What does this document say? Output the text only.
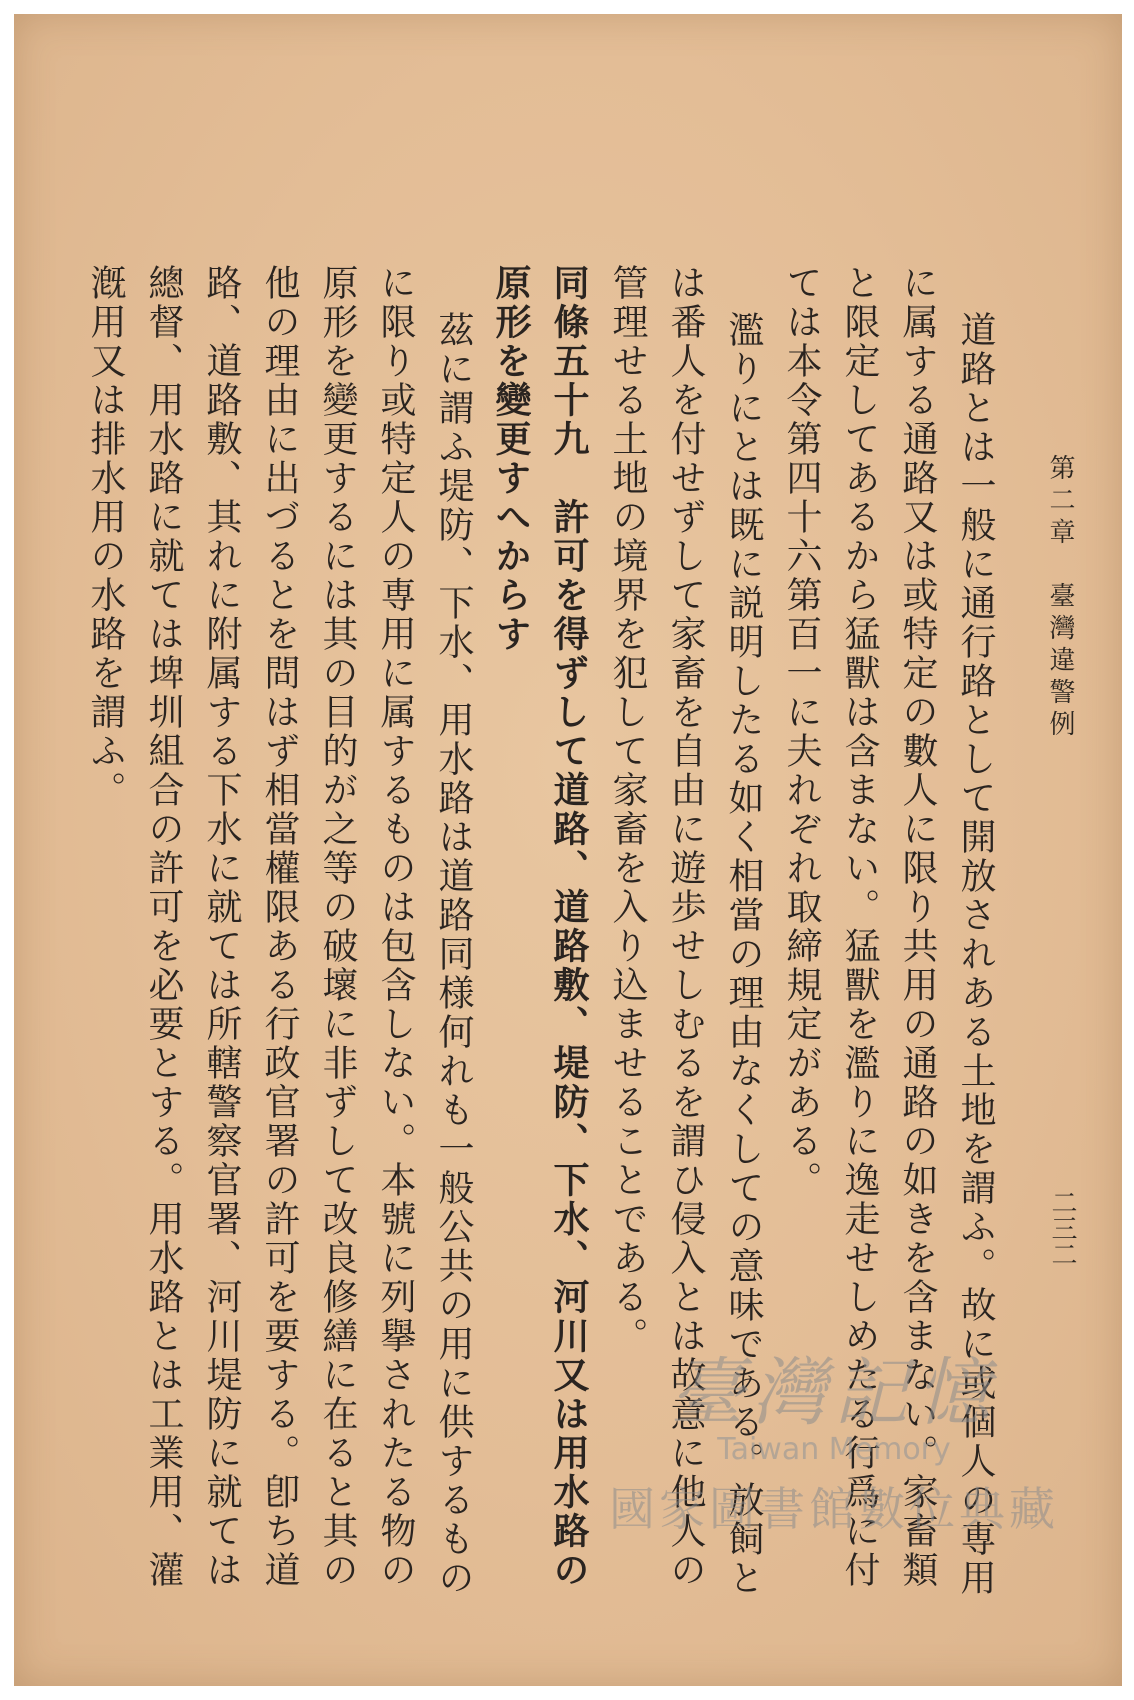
第二章　臺灣違警例
二三二

道路とは一般に通行路として開放されある土地を謂ふ。故に或個人の専用に属する通路又は或特定の數人に限り共用の通路の如きを含まない。家畜類と限定してあるから猛獸は含まない。猛獸を濫りに逸走せしめたる行爲に付ては本令第四十六第百一に夫れぞれ取締規定がある。

濫りにとは既に説明したる如く相當の理由なくしての意味である。放飼とは番人を付せずして家畜を自由に遊歩せしむるを謂ひ侵入とは故意に他人の管理せる土地の境界を犯して家畜を入り込ませることである。

同條五十九　許可を得ずして道路、道路敷、堤防、下水、河川又は用水路の原形を變更すへからす

茲に謂ふ堤防、下水、用水路は道路同様何れも一般公共の用に供するものに限り或特定人の専用に属するものは包含しない。本號に列擧されたる物の原形を變更するには其の目的が之等の破壞に非ずして改良修繕に在ると其の他の理由に出づるとを問はず相當權限ある行政官署の許可を要する。卽ち道路、道路敷、其れに附属する下水に就ては所轄警察官署、河川堤防に就ては總督、用水路に就ては埤圳組合の許可を必要とする。用水路とは工業用、灌漑用又は排水用の水路を謂ふ。

臺灣記憶
Taiwan Memory
國家圖書館數位典藏
